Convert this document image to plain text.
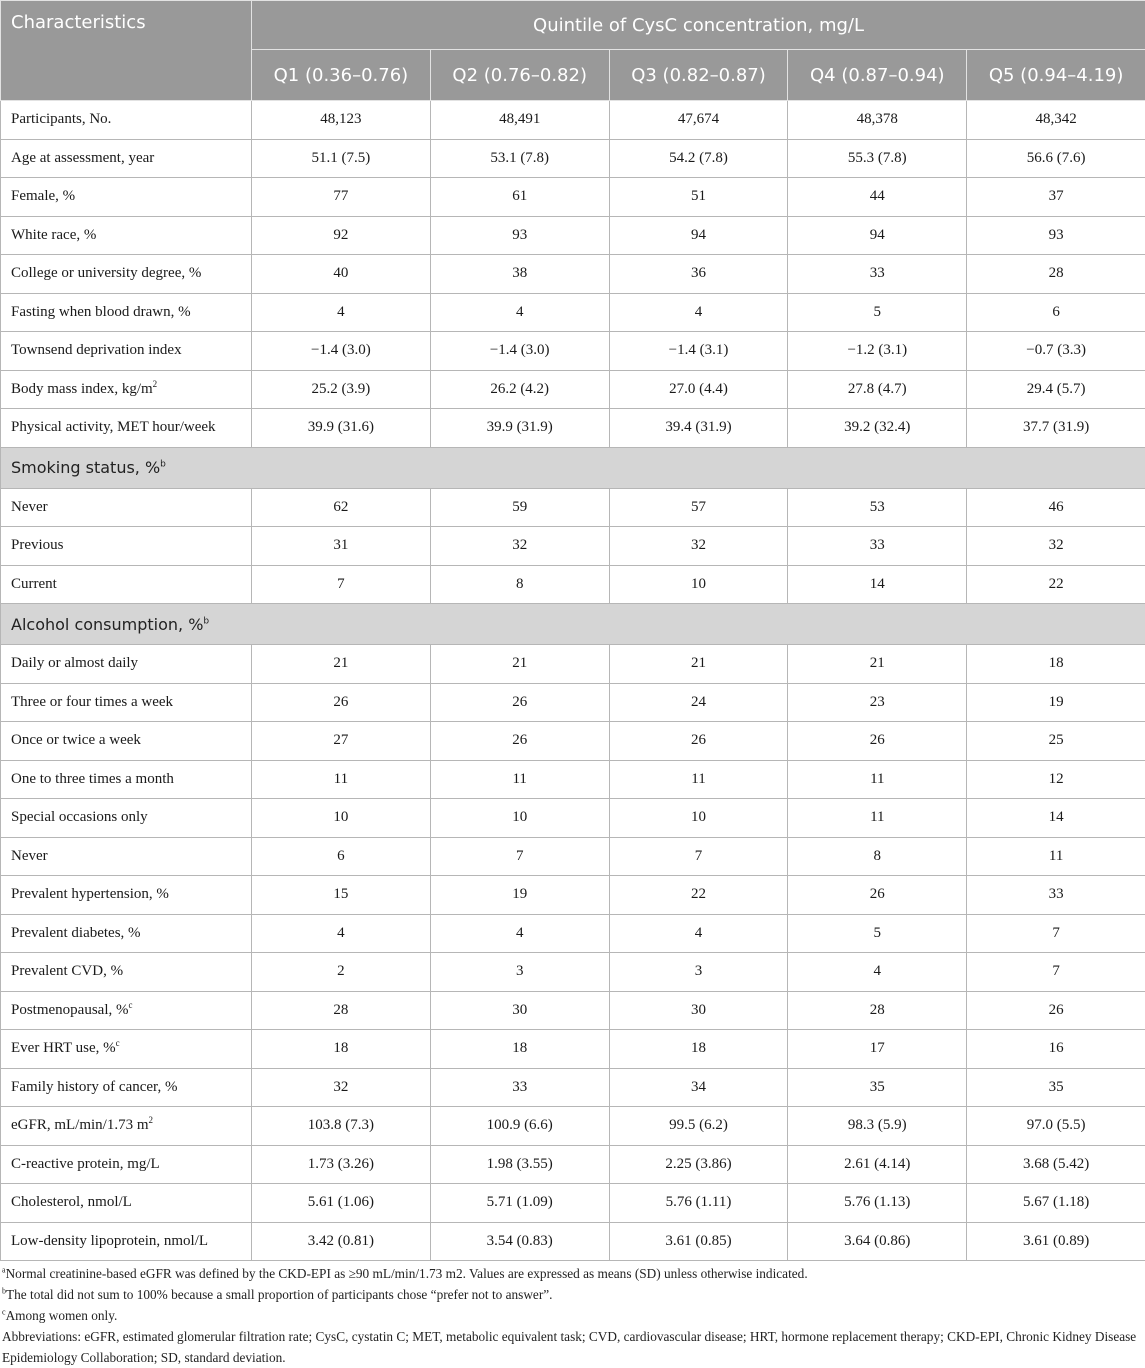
Characteristics	Quintile of CysC concentration, mg/L				
	Q1 (0.36–0.76)	Q2 (0.76–0.82)	Q3 (0.82–0.87)	Q4 (0.87–0.94)	Q5 (0.94–4.19)
Participants, No.	48,123	48,491	47,674	48,378	48,342
Age at assessment, year	51.1 (7.5)	53.1 (7.8)	54.2 (7.8)	55.3 (7.8)	56.6 (7.6)
Female, %	77	61	51	44	37
White race, %	92	93	94	94	93
College or university degree, %	40	38	36	33	28
Fasting when blood drawn, %	4	4	4	5	6
Townsend deprivation index	−1.4 (3.0)	−1.4 (3.0)	−1.4 (3.1)	−1.2 (3.1)	−0.7 (3.3)
Body mass index, $kg/m^2$	25.2 (3.9)	26.2 (4.2)	27.0 (4.4)	27.8 (4.7)	29.4 (5.7)
Physical activity, MET hour/week	39.9 (31.6)	39.9 (31.9)	39.4 (31.9)	39.2 (32.4)	37.7 (31.9)
Smoking status, %$^b$
Never	62	59	57	53	46
Previous	31	32	32	33	32
Current	7	8	10	14	22
Alcohol consumption, %$^b$
Daily or almost daily	21	21	21	21	18
Three or four times a week	26	26	24	23	19
Once or twice a week	27	26	26	26	25
One to three times a month	11	11	11	11	12
Special occasions only	10	10	10	11	14
Never	6	7	7	8	11
Prevalent hypertension, %	15	19	22	26	33
Prevalent diabetes, %	4	4	4	5	7
Prevalent CVD, %	2	3	3	4	7
Postmenopausal, %$^c$	28	30	30	28	26
Ever HRT use, %$^c$	18	18	18	17	16
Family history of cancer, %	32	33	34	35	35
eGFR, mL/min/1.73 $m^2$	103.8 (7.3)	100.9 (6.6)	99.5 (6.2)	98.3 (5.9)	97.0 (5.5)
C-reactive protein, mg/L	1.73 (3.26)	1.98 (3.55)	2.25 (3.86)	2.61 (4.14)	3.68 (5.42)
Cholesterol, nmol/L	5.61 (1.06)	5.71 (1.09)	5.76 (1.11)	5.76 (1.13)	5.67 (1.18)
Low-density lipoprotein, nmol/L	3.42 (0.81)	3.54 (0.83)	3.61 (0.85)	3.64 (0.86)	3.61 (0.89)

$^a$Normal creatinine-based eGFR was defined by the CKD-EPI as ≥90 mL/min/1.73 m2. Values are expressed as means (SD) unless otherwise indicated.

$^b$The total did not sum to 100% because a small proportion of participants chose “prefer not to answer”.

$^c$Among women only.

Abbreviations: eGFR, estimated glomerular filtration rate; CysC, cystatin C; MET, metabolic equivalent task; CVD, cardiovascular disease; HRT, hormone replacement therapy; CKD-EPI, Chronic Kidney Disease Epidemiology Collaboration; SD, standard deviation.
